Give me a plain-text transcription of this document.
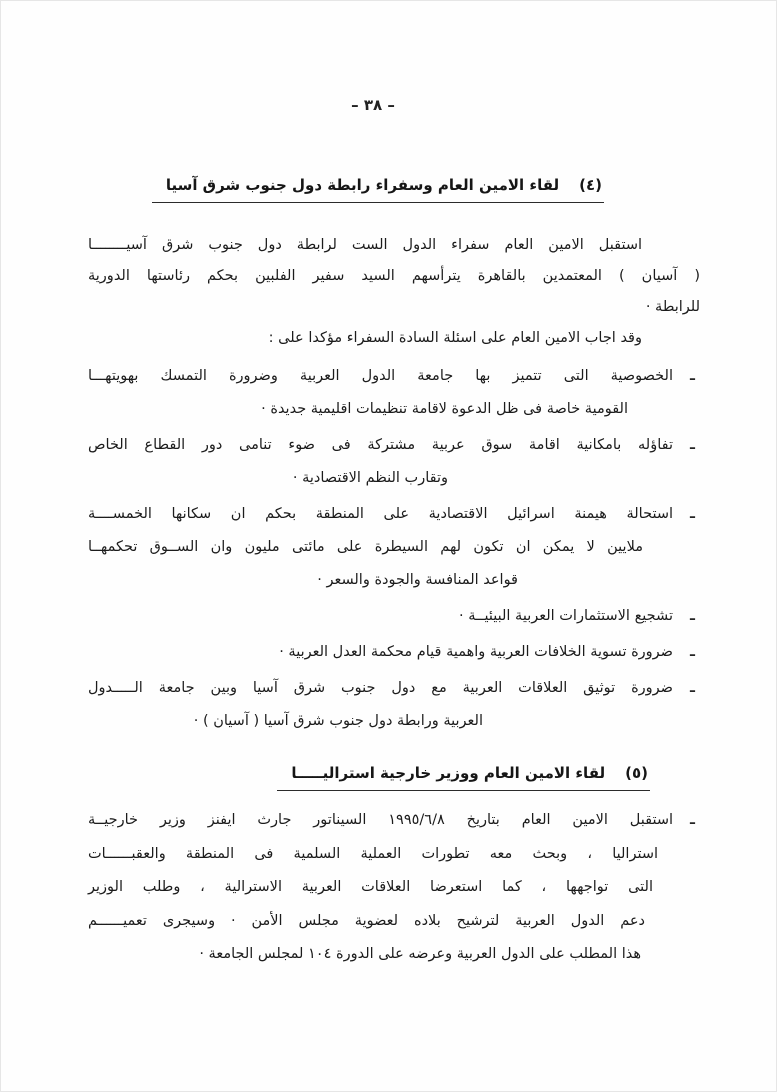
– ٣٨ –
(٤)
لقاء الامين العام وسفراء رابطة دول جنوب شرق آسيا
استقبل الامين العام سفراء الدول الست لرابطة دول جنوب شرق آسيــــــــا
( آسيان ) المعتمدين بالقاهرة يترأسهم السيد سفير الفلبين بحكم رئاستها الدورية
للرابطة ·
وقد اجاب الامين العام على اسئلة السادة السفراء مؤكدا على :
ـ
الخصوصية التى تتميز بها جامعة الدول العربية وضرورة التمسك بهويتهـــا
القومية خاصة فى ظل الدعوة لاقامة تنظيمات اقليمية جديدة ·
ـ
تفاؤله بامكانية اقامة سوق عربية مشتركة فى ضوء تنامى دور القطاع الخاص
وتقارب النظم الاقتصادية ·
ـ
استحالة هيمنة اسرائيل الاقتصادية على المنطقة بحكم ان سكانها الخمســــة
ملايين لا يمكن ان تكون لهم السيطرة على مائتى مليون وان الســوق تحكمهــا
قواعد المنافسة والجودة والسعر ·
ـ
تشجيع الاستثمارات العربية البيئيــة ·
ـ
ضرورة تسوية الخلافات العربية واهمية قيام محكمة العدل العربية ·
ـ
ضرورة توثيق العلاقات العربية مع دول جنوب شرق آسيا وبين جامعة الـــــدول
العربية ورابطة دول جنوب شرق آسيا ( آسيان ) ·
(٥)
لقاء الامين العام ووزير خارجية استراليـــــا
ـ
استقبل الامين العام بتاريخ ١٩٩٥/٦/٨ السيناتور جارث ايفنز وزير خارجيــة
استراليا ، وبحث معه تطورات العملية السلمية فى المنطقة والعقبــــــات
التى تواجهها ، كما استعرضا العلاقات العربية الاسترالية ، وطلب الوزير
دعم الدول العربية لترشيح بلاده لعضوية مجلس الأمن · وسيجرى تعميــــــم
هذا المطلب على الدول العربية وعرضه على الدورة ١٠٤ لمجلس الجامعة ·
